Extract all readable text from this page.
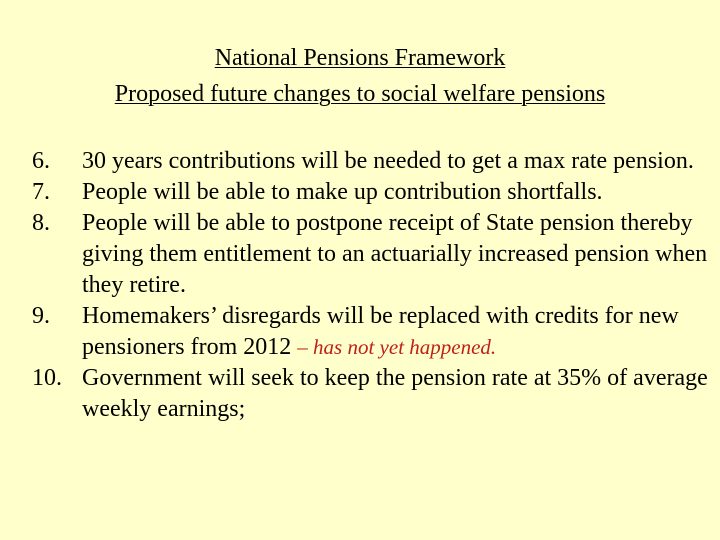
National Pensions Framework
Proposed future changes to social welfare pensions
6.	30 years contributions will be needed to get a max rate pension.
7.	People will be able to make up contribution shortfalls.
8.	People will be able to postpone receipt of State pension thereby giving them entitlement to an actuarially increased pension when they retire.
9.	Homemakers’ disregards will be replaced with credits for new pensioners from 2012 – has not yet happened.
10. Government will seek to keep the pension rate at 35% of average weekly earnings;
